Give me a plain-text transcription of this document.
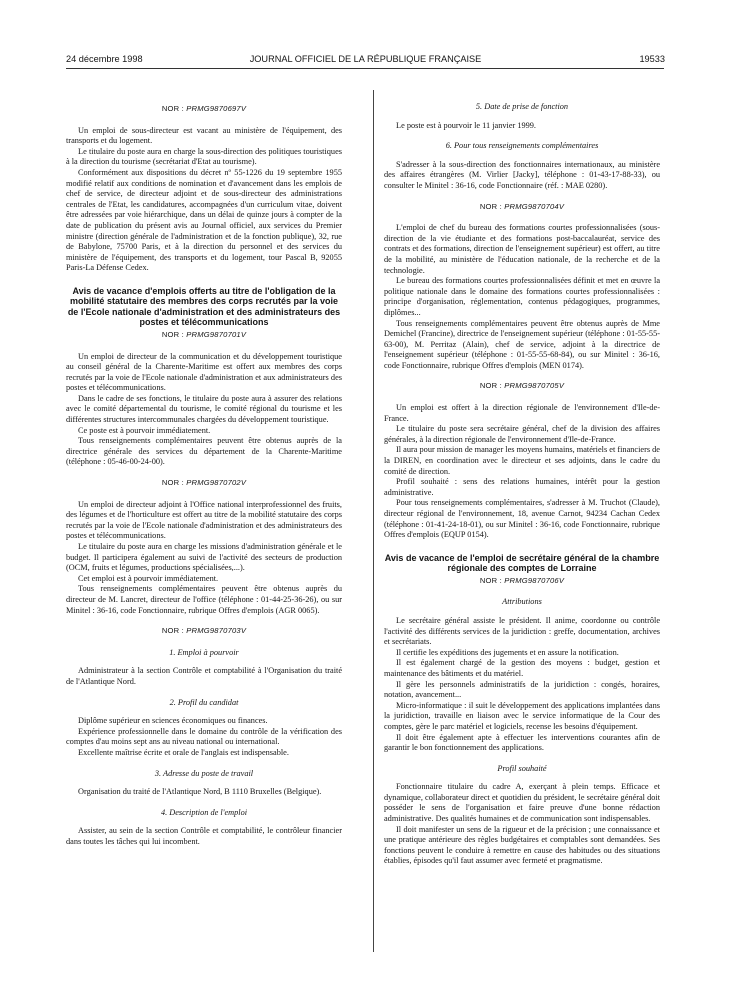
24 décembre 1998	JOURNAL OFFICIEL DE LA RÉPUBLIQUE FRANÇAISE	19533
NOR : PRMG9870697V

Un emploi de sous-directeur est vacant au ministère de l'équipement, des transports et du logement.

Le titulaire du poste aura en charge la sous-direction des politiques touristiques à la direction du tourisme (secrétariat d'Etat au tourisme).

Conformément aux dispositions du décret nº 55-1226 du 19 septembre 1955 modifié relatif aux conditions de nomination et d'avancement dans les emplois de chef de service, de directeur adjoint et de sous-directeur des administrations centrales de l'Etat, les candidatures, accompagnées d'un curriculum vitae, doivent être adressées par voie hiérarchique, dans un délai de quinze jours à compter de la date de publication du présent avis au Journal officiel, aux services du Premier ministre (direction générale de l'administration et de la fonction publique), 32, rue de Babylone, 75700 Paris, et à la direction du personnel et des services du ministère de l'équipement, des transports et du logement, tour Pascal B, 92055 Paris-La Défense Cedex.

Avis de vacance d'emplois offerts au titre de l'obligation de la mobilité statutaire des membres des corps recrutés par la voie de l'Ecole nationale d'administration et des administrateurs des postes et télécommunications
NOR : PRMG9870701V

Un emploi de directeur de la communication et du développement touristique au conseil général de la Charente-Maritime est offert aux membres des corps recrutés par la voie de l'Ecole nationale d'administration et aux administrateurs des postes et télécommunications.

Dans le cadre de ses fonctions, le titulaire du poste aura à assurer des relations avec le comité départemental du tourisme, le comité régional du tourisme et les différentes structures intercommunales chargées du développement touristique.

Ce poste est à pourvoir immédiatement.

Tous renseignements complémentaires peuvent être obtenus auprès de la directrice générale des services du département de la Charente-Maritime (téléphone : 05-46-00-24-00).

NOR : PRMG9870702V

Un emploi de directeur adjoint à l'Office national interprofessionnel des fruits, des légumes et de l'horticulture est offert au titre de la mobilité statutaire des corps recrutés par la voie de l'Ecole nationale d'administration et des administrateurs des postes et télécommunications.

Le titulaire du poste aura en charge les missions d'administration générale et le budget. Il participera également au suivi de l'activité des secteurs de production (OCM, fruits et légumes, productions spécialisées,...).

Cet emploi est à pourvoir immédiatement.

Tous renseignements complémentaires peuvent être obtenus auprès du directeur de M. Lancret, directeur de l'office (téléphone : 01-44-25-36-26), ou sur Minitel : 36-16, code Fonctionnaire, rubrique Offres d'emplois (AGR 0065).

NOR : PRMG9870703V
1. Emploi à pourvoir

Administrateur à la section Contrôle et comptabilité à l'Organisation du traité de l'Atlantique Nord.

2. Profil du candidat

Diplôme supérieur en sciences économiques ou finances.

Expérience professionnelle dans le domaine du contrôle de la vérification des comptes d'au moins sept ans au niveau national ou international.

Excellente maîtrise écrite et orale de l'anglais est indispensable.

3. Adresse du poste de travail

Organisation du traité de l'Atlantique Nord, B 1110 Bruxelles (Belgique).

4. Description de l'emploi

Assister, au sein de la section Contrôle et comptabilité, le contrôleur financier dans toutes les tâches qui lui incombent.

5. Date de prise de fonction

Le poste est à pourvoir le 11 janvier 1999.

6. Pour tous renseignements complémentaires

S'adresser à la sous-direction des fonctionnaires internationaux, au ministère des affaires étrangères (M. Virlier [Jacky], téléphone : 01-43-17-88-33), ou consulter le Minitel : 36-16, code Fonctionnaire (réf. : MAE 0280).

NOR : PRMG9870704V

L'emploi de chef du bureau des formations courtes professionnalisées (sous-direction de la vie étudiante et des formations post-baccalauréat, service des contrats et des formations, direction de l'enseignement supérieur) est offert, au titre de la mobilité, au ministère de l'éducation nationale, de la recherche et de la technologie.

Le bureau des formations courtes professionnalisées définit et met en œuvre la politique nationale dans le domaine des formations courtes professionnalisées : principe d'organisation, réglementation, contenus pédagogiques, programmes, diplômes...

Tous renseignements complémentaires peuvent être obtenus auprès de Mme Demichel (Francine), directrice de l'enseignement supérieur (téléphone : 01-55-55-63-00), M. Perritaz (Alain), chef de service, adjoint à la directrice de l'enseignement supérieur (téléphone : 01-55-55-68-84), ou sur Minitel : 36-16, code Fonctionnaire, rubrique Offres d'emplois (MEN 0174).

NOR : PRMG9870705V

Un emploi est offert à la direction régionale de l'environnement d'Ile-de-France.

Le titulaire du poste sera secrétaire général, chef de la division des affaires générales, à la direction régionale de l'environnement d'Ile-de-France.

Il aura pour mission de manager les moyens humains, matériels et financiers de la DIREN, en coordination avec le directeur et ses adjoints, dans le cadre du comité de direction.

Profil souhaité : sens des relations humaines, intérêt pour la gestion administrative.

Pour tous renseignements complémentaires, s'adresser à M. Truchot (Claude), directeur régional de l'environnement, 18, avenue Carnot, 94234 Cachan Cedex (téléphone : 01-41-24-18-01), ou sur Minitel : 36-16, code Fonctionnaire, rubrique Offres d'emplois (EQUP 0154).

Avis de vacance de l'emploi de secrétaire général de la chambre régionale des comptes de Lorraine
NOR : PRMG9870706V
Attributions

Le secrétaire général assiste le président. Il anime, coordonne ou contrôle l'activité des différents services de la juridiction : greffe, documentation, archives et secrétariats.

Il certifie les expéditions des jugements et en assure la notification.

Il est également chargé de la gestion des moyens : budget, gestion et maintenance des bâtiments et du matériel.

Il gère les personnels administratifs de la juridiction : congés, horaires, notation, avancement...

Micro-informatique : il suit le développement des applications implantées dans la juridiction, travaille en liaison avec le service informatique de la Cour des comptes, gère le parc matériel et logiciels, recense les besoins d'équipement.

Il doit être également apte à effectuer les interventions courantes afin de garantir le bon fonctionnement des applications.

Profil souhaité

Fonctionnaire titulaire du cadre A, exerçant à plein temps. Efficace et dynamique, collaborateur direct et quotidien du président, le secrétaire général doit posséder le sens de l'organisation et faire preuve d'une bonne rédaction administrative. Des qualités humaines et de communication sont indispensables.

Il doit manifester un sens de la rigueur et de la précision ; une connaissance et une pratique antérieure des règles budgétaires et comptables sont demandées. Ses fonctions peuvent le conduire à remettre en cause des habitudes ou des situations établies, épisodes qu'il faut assumer avec fermeté et pragmatisme.
